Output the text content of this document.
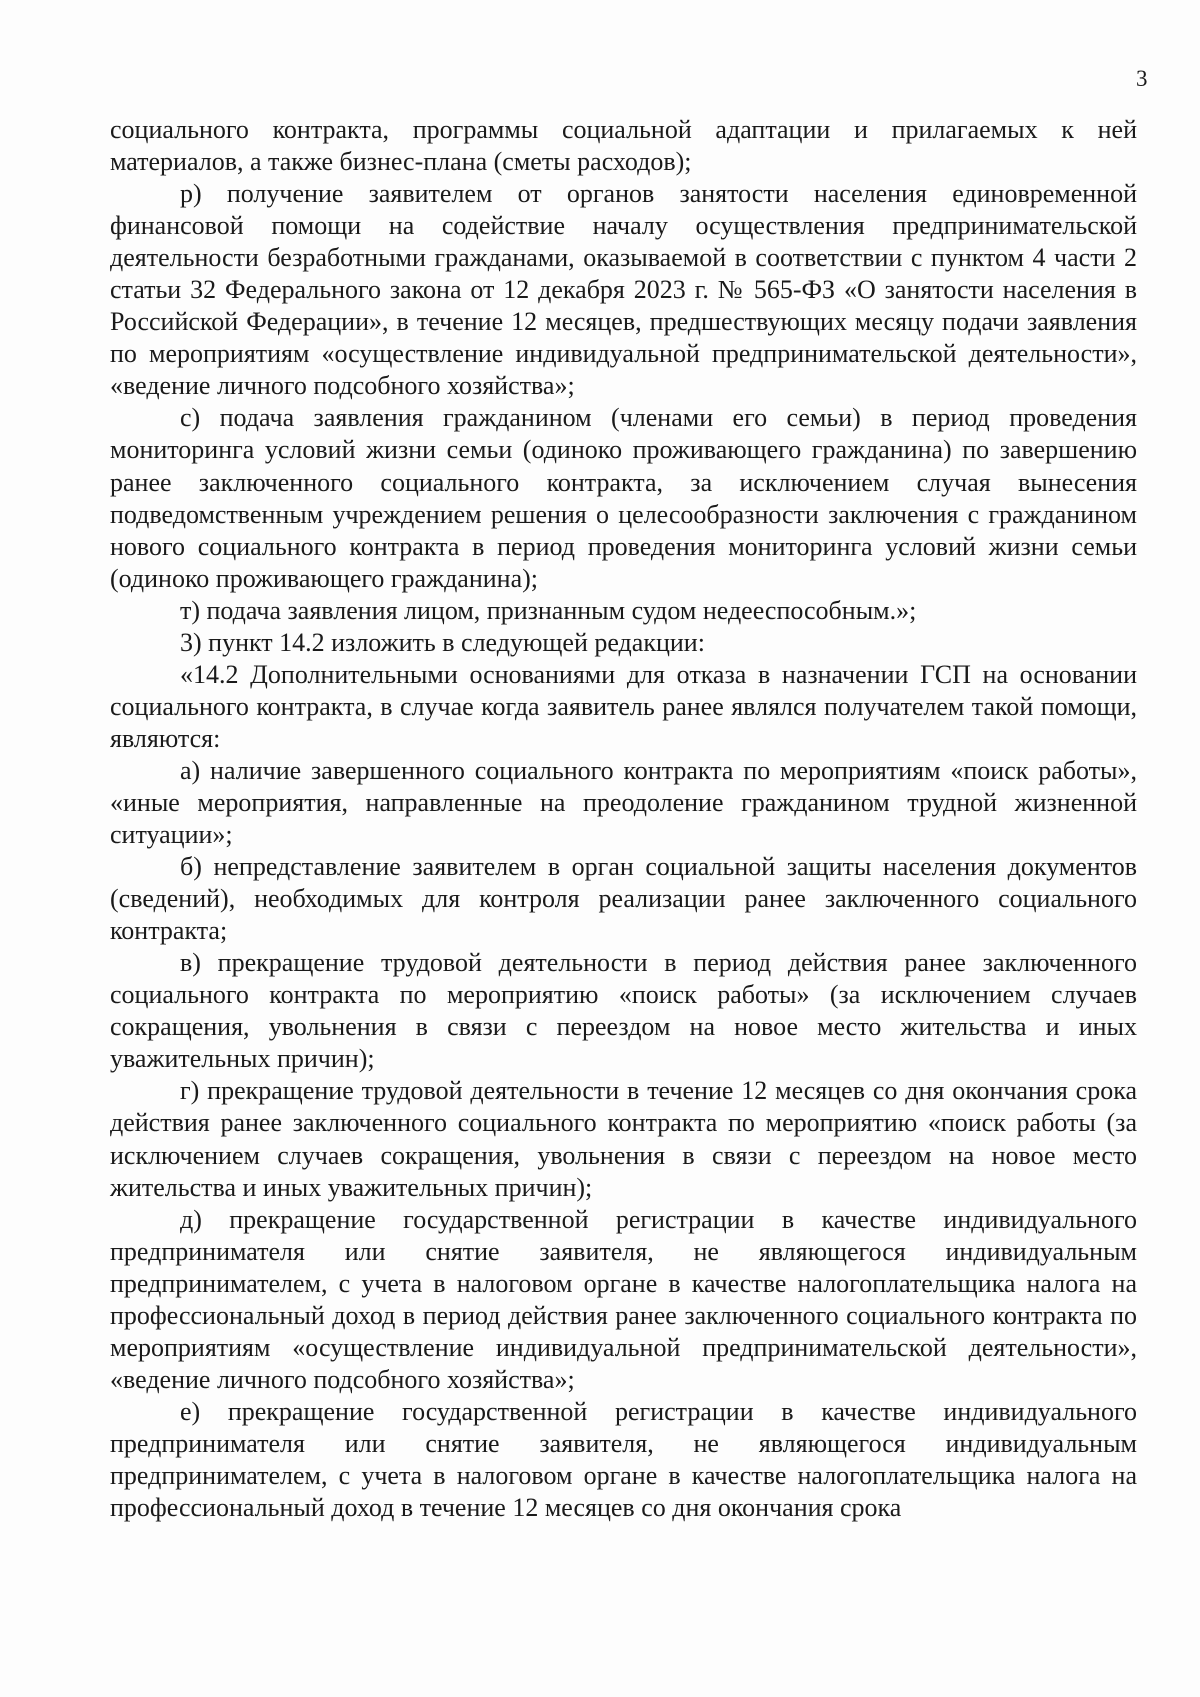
3

социального контракта, программы социальной адаптации и прилагаемых к ней материалов, а также бизнес-плана (сметы расходов);

р) получение заявителем от органов занятости населения единовременной финансовой помощи на содействие началу осуществления предпринимательской деятельности безработными гражданами, оказываемой в соответствии с пунктом 4 части 2 статьи 32 Федерального закона от 12 декабря 2023 г. № 565-ФЗ «О занятости населения в Российской Федерации», в течение 12 месяцев, предшествующих месяцу подачи заявления по мероприятиям «осуществление индивидуальной предпринимательской деятельности», «ведение личного подсобного хозяйства»;

с) подача заявления гражданином (членами его семьи) в период проведения мониторинга условий жизни семьи (одиноко проживающего гражданина) по завершению ранее заключенного социального контракта, за исключением случая вынесения подведомственным учреждением решения о целесообразности заключения с гражданином нового социального контракта в период проведения мониторинга условий жизни семьи (одиноко проживающего гражданина);

т) подача заявления лицом, признанным судом недееспособным.»;

3) пункт 14.2 изложить в следующей редакции:

«14.2 Дополнительными основаниями для отказа в назначении ГСП на основании социального контракта, в случае когда заявитель ранее являлся получателем такой помощи, являются:

а) наличие завершенного социального контракта по мероприятиям «поиск работы», «иные мероприятия, направленные на преодоление гражданином трудной жизненной ситуации»;

б) непредставление заявителем в орган социальной защиты населения документов (сведений), необходимых для контроля реализации ранее заключенного социального контракта;

в) прекращение трудовой деятельности в период действия ранее заключенного социального контракта по мероприятию «поиск работы» (за исключением случаев сокращения, увольнения в связи с переездом на новое место жительства и иных уважительных причин);

г) прекращение трудовой деятельности в течение 12 месяцев со дня окончания срока действия ранее заключенного социального контракта по мероприятию «поиск работы (за исключением случаев сокращения, увольнения в связи с переездом на новое место жительства и иных уважительных причин);

д) прекращение государственной регистрации в качестве индивидуального предпринимателя или снятие заявителя, не являющегося индивидуальным предпринимателем, с учета в налоговом органе в качестве налогоплательщика налога на профессиональный доход в период действия ранее заключенного социального контракта по мероприятиям «осуществление индивидуальной предпринимательской деятельности», «ведение личного подсобного хозяйства»;

е) прекращение государственной регистрации в качестве индивидуального предпринимателя или снятие заявителя, не являющегося индивидуальным предпринимателем, с учета в налоговом органе в качестве налогоплательщика налога на профессиональный доход в течение 12 месяцев со дня окончания срока
